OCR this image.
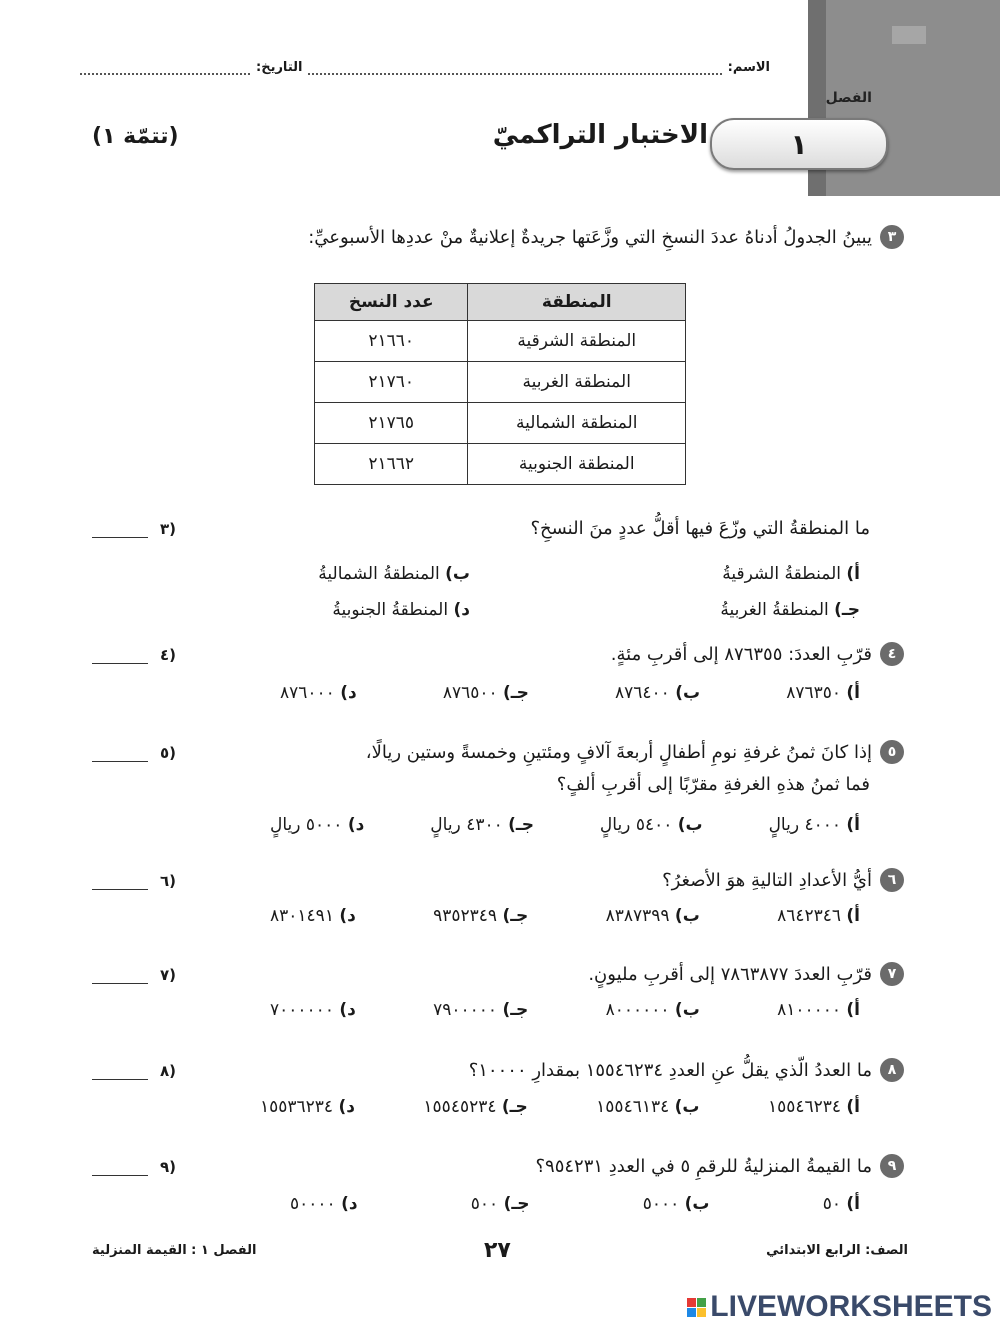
الاسم:
التاريخ:
الفصل
١
الاختبار التراكميّ
(تتمّة ١)
٣
يبينُ الجدولُ أدناهُ عددَ النسخِ التي وزَّعَتها جريدةٌ إعلانيةٌ منْ عددِها الأسبوعيِّ:
المنطقة	عدد النسخ
المنطقة الشرقية	٢١٦٦٠
المنطقة الغربية	٢١٧٦٠
المنطقة الشمالية	٢١٧٦٥
المنطقة الجنوبية	٢١٦٦٢
ما المنطقةُ التي وزّعَ فيها أقلُّ عددٍ منَ النسخِ؟
٣)
أ) المنطقةُ الشرقيةُ
ب) المنطقةُ الشماليةُ
جـ) المنطقةُ الغربيةُ
د) المنطقةُ الجنوبيةُ
٤
قرّبِ العددَ: ٨٧٦٣٥٥ إلى أقربِ مئةٍ.
٤)
أ) ٨٧٦٣٥٠
ب) ٨٧٦٤٠٠
جـ) ٨٧٦٥٠٠
د) ٨٧٦٠٠٠
٥
إذا كانَ ثمنُ غرفةِ نومِ أطفالٍ أربعةَ آلافٍ ومئتينِ وخمسةً وستين ريالًا،
فما ثمنُ هذهِ الغرفةِ مقرّبًا إلى أقربِ ألفٍ؟
٥)
أ) ٤٠٠٠ ريالٍ
ب) ٥٤٠٠ ريالٍ
جـ) ٤٣٠٠ ريالٍ
د) ٥٠٠٠ ريالٍ
٦
أيُّ الأعدادِ التاليةِ هوَ الأصغرُ؟
٦)
أ) ٨٦٤٢٣٤٦
ب) ٨٣٨٧٣٩٩
جـ) ٩٣٥٢٣٤٩
د) ٨٣٠١٤٩١
٧
قرّبِ العددَ ٧٨٦٣٨٧٧ إلى أقربِ مليونٍ.
٧)
أ) ٨١٠٠٠٠٠
ب) ٨٠٠٠٠٠٠
جـ) ٧٩٠٠٠٠٠
د) ٧٠٠٠٠٠٠
٨
ما العددُ الّذي يقلُّ عنِ العددِ ١٥٥٤٦٢٣٤ بمقدارِ ١٠٠٠٠؟
٨)
أ) ١٥٥٤٦٢٣٤
ب) ١٥٥٤٦١٣٤
جـ) ١٥٥٤٥٢٣٤
د) ١٥٥٣٦٢٣٤
٩
ما القيمةُ المنزليةُ للرقمِ ٥ في العددِ ٩٥٤٢٣١؟
٩)
أ) ٥٠
ب) ٥٠٠٠
جـ) ٥٠٠
د) ٥٠٠٠٠
الصف: الرابع الابتدائي
٢٧
الفصل ١ : القيمة المنزلية
LIVEWORKSHEETS
